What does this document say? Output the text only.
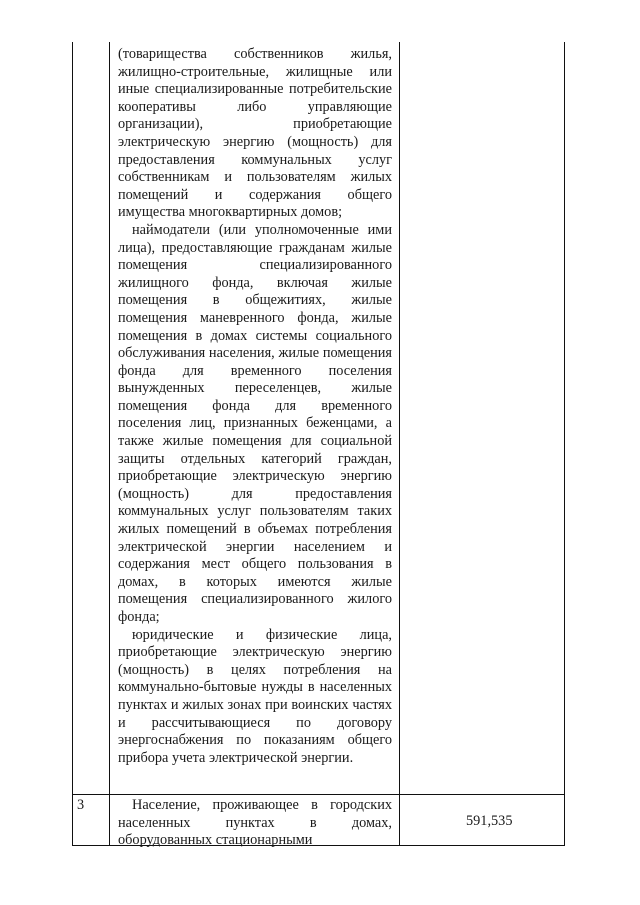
(товарищества собственников жилья, жилищно-строительные, жилищные или иные специализированные потребительские кооперативы либо управляющие организации), приобретающие электрическую энергию (мощность) для предоставления коммунальных услуг собственникам и пользователям жилых помещений и содержания общего имущества многоквартирных домов;

наймодатели (или уполномоченные ими лица), предоставляющие гражданам жилые помещения специализированного жилищного фонда, включая жилые помещения в общежитиях, жилые помещения маневренного фонда, жилые помещения в домах системы социального обслуживания населения, жилые помещения фонда для временного поселения вынужденных переселенцев, жилые помещения фонда для временного поселения лиц, признанных беженцами, а также жилые помещения для социальной защиты отдельных категорий граждан, приобретающие электрическую энергию (мощность) для предоставления коммунальных услуг пользователям таких жилых помещений в объемах потребления электрической энергии населением и содержания мест общего пользования в домах, в которых имеются жилые помещения специализированного жилого фонда;

юридические и физические лица, приобретающие электрическую энергию (мощность) в целях потребления на коммунально-бытовые нужды в населенных пунктах и жилых зонах при воинских частях и рассчитывающиеся по договору энергоснабжения по показаниям общего прибора учета электрической энергии.

3	Население, проживающее в городских населенных пунктах в домах, оборудованных стационарными

591,535
